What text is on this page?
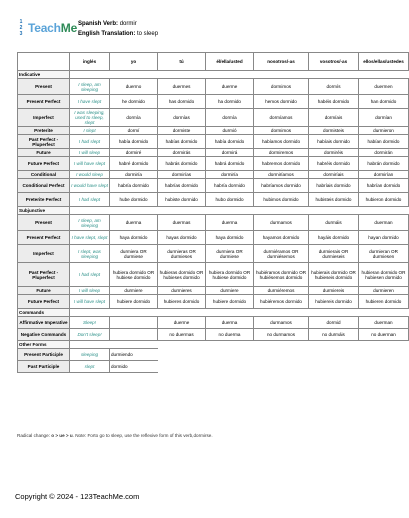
1
2
3 TeachMe Spanish Verb: dormir
English Translation: to sleep
	inglés	yo	tú	él/ella/usted	nosotros/-as	vosotros/-as	ellos/ellas/ustedes
Indicative							
Present	I sleep, am sleeping	duermo	duermes	duerme	dormimos	dormís	duermen
Present Perfect	I have slept	he dormido	has dormido	ha dormido	hemos dormido	habéis dormido	han dormido
Imperfect	I was sleeping, used to sleep, slept	dormía	dormías	dormía	dormíamos	dormíais	dormían
Preterite	I slept	dormí	dormiste	durmió	dormimos	dormisteis	durmieron
Past Perfect - Pluperfect	I had slept	había dormido	habías dormido	había dormido	habíamos dormido	habíais dormido	habían dormido
Future	I will sleep	dormiré	dormirás	dormirá	dormiremos	dormiréis	dormirán
Future Perfect	I will have slept	habré dormido	habrás dormido	habrá dormido	habremos dormido	habréis dormido	habrán dormido
Conditional	I would sleep	dormiría	dormirías	dormiría	dormiríamos	dormiríais	dormirían
Conditional Perfect	I would have slept	habría dormido	habrías dormido	habría dormido	habríamos dormido	habríais dormido	habrían dormido
Preterite Perfect	I had slept	hube dormido	hubiste dormido	hubo dormido	hubimos dormido	hubisteis dormido	hubieron dormido
Subjunctive							
Present	I sleep, am sleeping	duerma	duermas	duerma	durmamos	durmáis	duerman
Present Perfect	I have slept, slept	haya dormido	hayas dormido	haya dormido	hayamos dormido	hayáis dormido	hayan dormido
Imperfect	I slept, was sleeping	durmiera OR durmiese	durmieras OR durmieses	durmiera OR durmiese	durmiéramos OR durmiésemos	durmierais OR durmieseis	durmieran OR durmiesen
Past Perfect - Pluperfect	I had slept	hubiera dormido OR hubiese dormido	hubieras dormido OR hubieses dormido	hubiera dormido OR hubiese dormido	hubiéramos dormido OR hubiésemos dormido	hubierais dormido OR hubieseis dormido	hubieran dormido OR hubiesen dormido
Future	I will sleep	durmiere	durmieres	durmiere	durmiéremos	durmiereis	durmieren
Future Perfect	I will have slept	hubiere dormido	hubieres dormido	hubiere dormido	hubiéremos dormido	hubiereis dormido	hubieren dormido
Commands							
Affirmative Imperative	Sleep!		duerme	duerma	durmamos	dormid	duerman
Negative Commands	Don't sleep!		no duermas	no duerma	no durmamos	no durmáis	no duerman
Other Forms							
Present Participle	sleeping	durmiendo					
Past Participle	slept	dormido					
Radical change: o > ue > u. Note: Forto go to sleep, use the reflexive form of this verb,dormirse.
Copyright © 2024 - 123TeachMe.com
